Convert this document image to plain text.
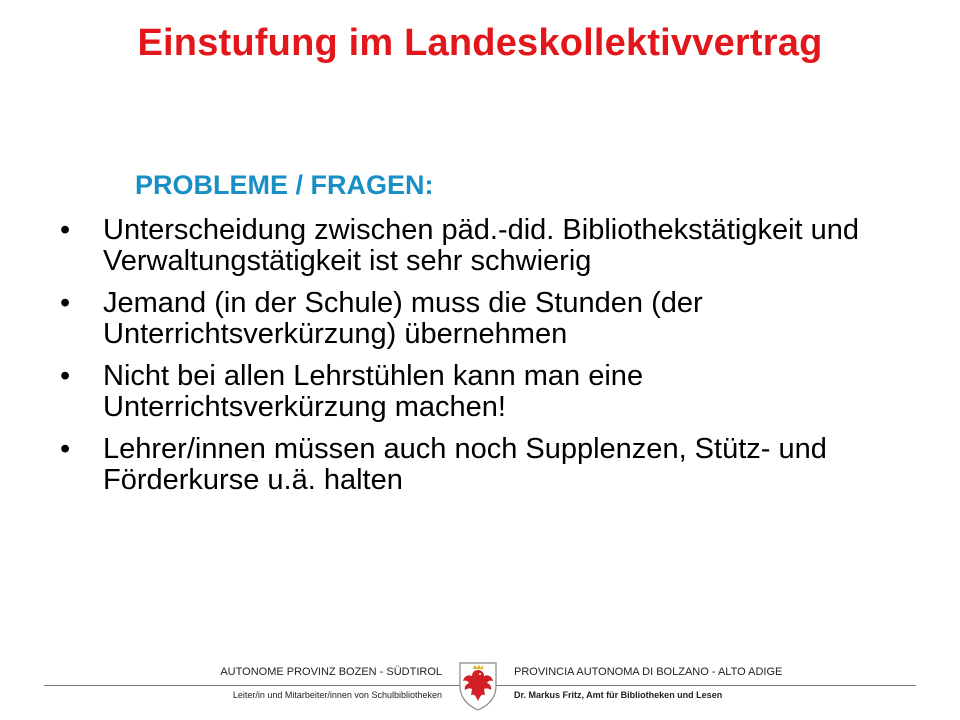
Einstufung im Landeskollektivvertrag
PROBLEME / FRAGEN:
• Unterscheidung zwischen päd.-did. Bibliothekstätigkeit und Verwaltungstätigkeit ist sehr schwierig
• Jemand (in der Schule) muss die Stunden (der Unterrichtsverkürzung) übernehmen
• Nicht bei allen Lehrstühlen kann man eine Unterrichtsverkürzung machen!
• Lehrer/innen müssen auch noch Supplenzen, Stütz- und Förderkurse u.ä. halten
AUTONOME PROVINZ BOZEN - SÜDTIROL
Leiter/in und Mitarbeiter/innen von Schulbibliotheken
PROVINCIA AUTONOMA DI BOLZANO - ALTO ADIGE
Dr. Markus Fritz, Amt für Bibliotheken und Lesen
